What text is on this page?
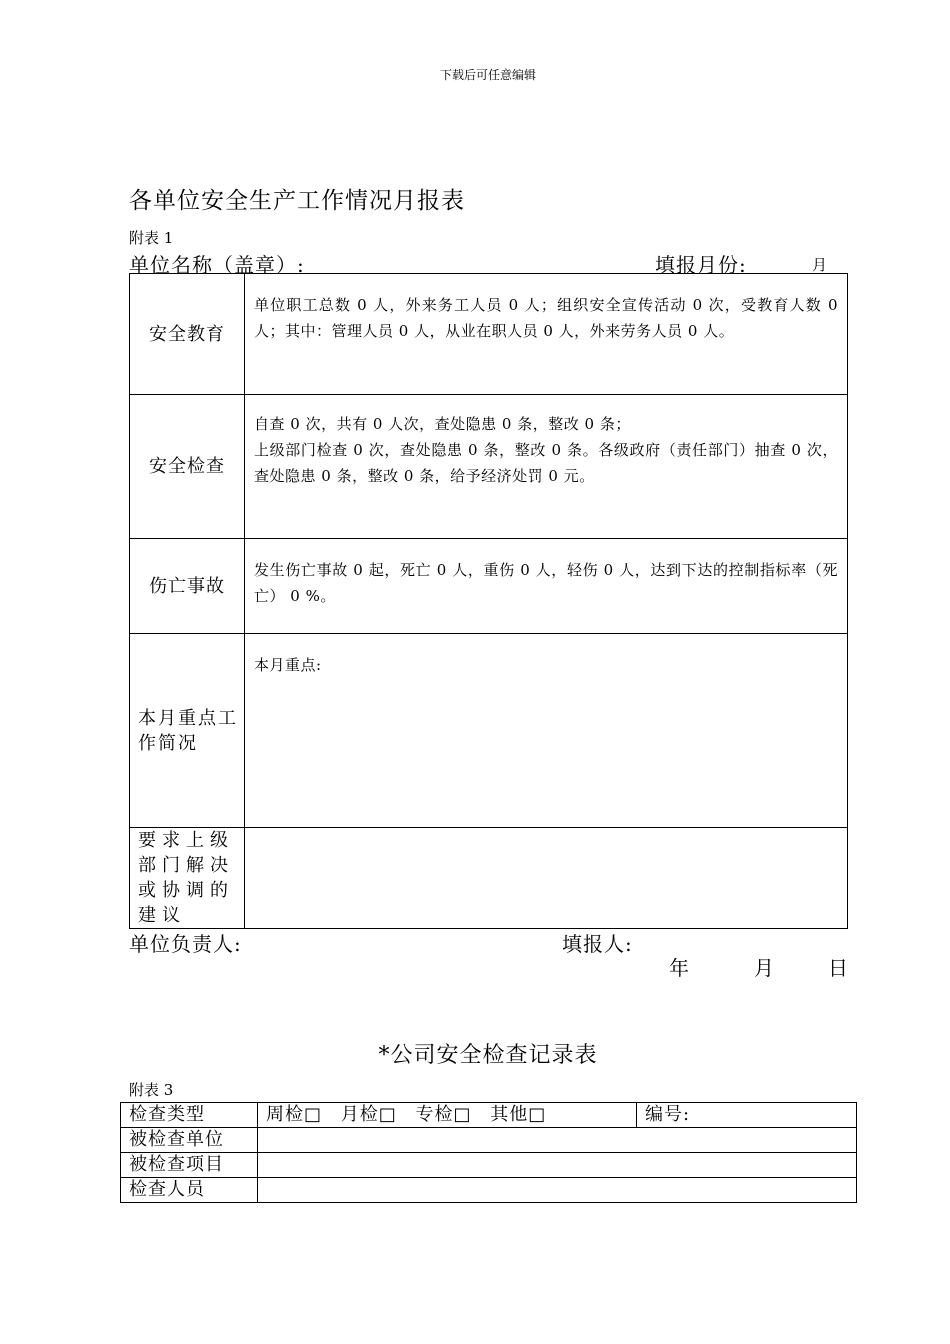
下载后可任意编辑
各单位安全生产工作情况月报表
附表 1
单位名称（盖章）:	填报月份:	月
安全教育	单位职工总数 0 人，外来务工人员 0 人；组织安全宣传活动 0 次，受教育人数 0 人；其中：管理人员 0 人，从业在职人员 0 人，外来劳务人员 0 人。
安全检查	自查 0 次，共有 0 人次，查处隐患 0 条，整改 0 条；
上级部门检查 0 次，查处隐患 0 条，整改 0 条。各级政府（责任部门）抽查 0 次，查处隐患 0 条，整改 0 条，给予经济处罚 0 元。

伤亡事故	发生伤亡事故 0 起，死亡 0 人，重伤 0 人，轻伤 0 人，达到下达的控制指标率（死亡） 0 %。
本月重点工作简况	本月重点:
要求上级部门解决或协调的建议	
单位负责人:	填报人:
年	月	日
*公司安全检查记录表
附表 3
检查类型	周检□ 月检□ 专检□ 其他□	编号:
被检查单位		
被检查项目		
检查人员		
